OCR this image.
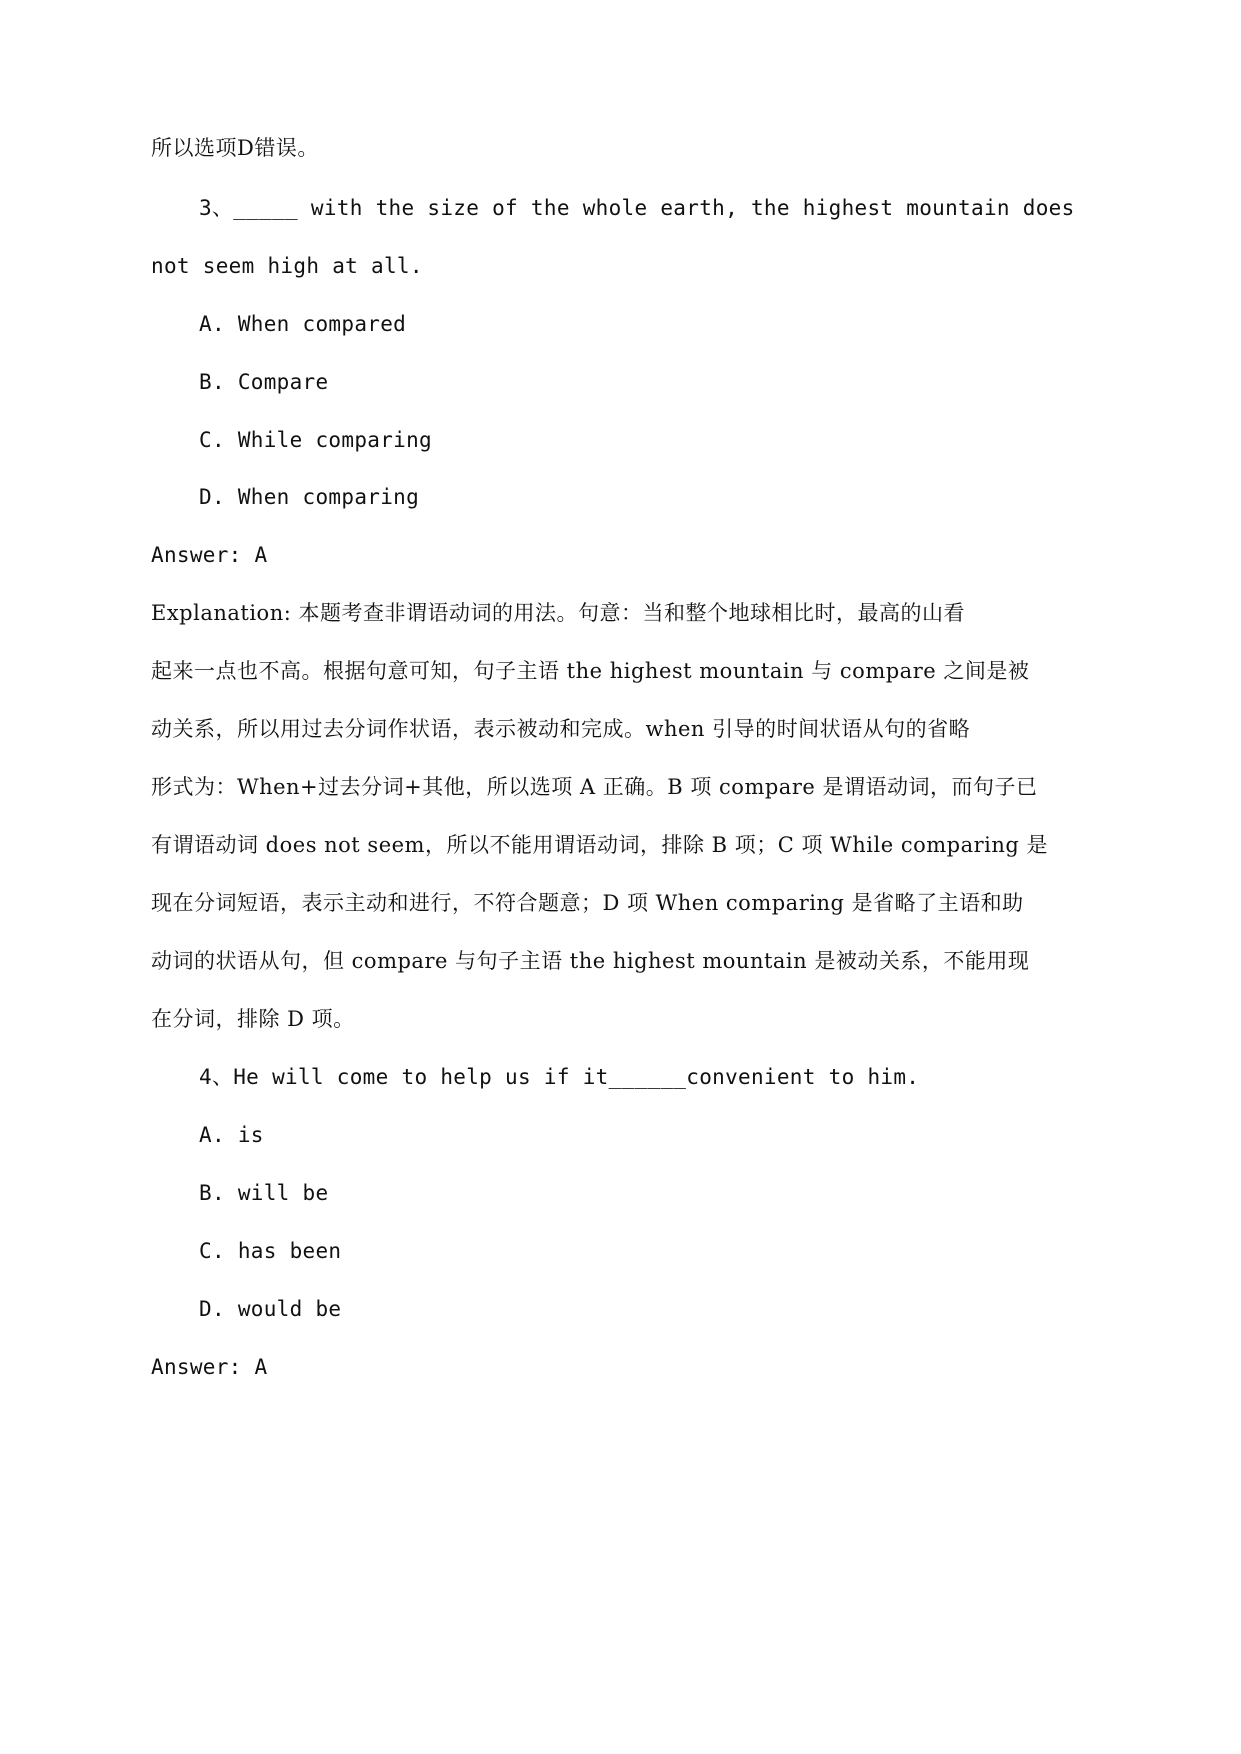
所以选项D错误。
3、_____ with the size of the whole earth, the highest mountain does
not seem high at all.
A. When compared
B. Compare
C. While comparing
D. When comparing
Answer: A
Explanation: 本题考查非谓语动词的用法。句意：当和整个地球相比时，最高的山看
起来一点也不高。根据句意可知，句子主语 the highest mountain 与 compare 之间是被
动关系，所以用过去分词作状语，表示被动和完成。when 引导的时间状语从句的省略
形式为：When+过去分词+其他，所以选项 A 正确。B 项 compare 是谓语动词，而句子已
有谓语动词 does not seem，所以不能用谓语动词，排除 B 项；C 项 While comparing 是
现在分词短语，表示主动和进行，不符合题意；D 项 When comparing 是省略了主语和助
动词的状语从句，但 compare 与句子主语 the highest mountain 是被动关系，不能用现
在分词，排除 D 项。
4、He will come to help us if it______convenient to him.
A. is
B. will be
C. has been
D. would be
Answer: A
